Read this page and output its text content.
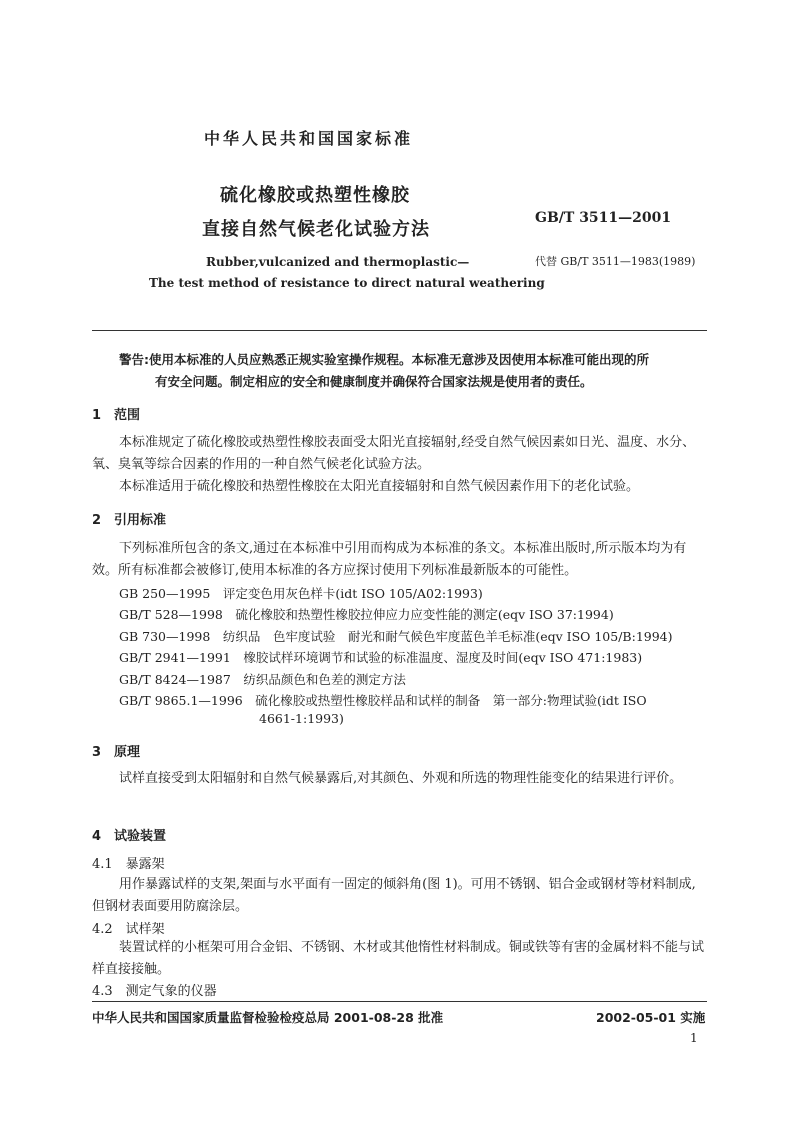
中华人民共和国国家标准
硫化橡胶或热塑性橡胶
直接自然气候老化试验方法
GB/T 3511—2001
代替 GB/T 3511—1983(1989)
Rubber,vulcanized and thermoplastic—
The test method of resistance to direct natural weathering
警告:使用本标准的人员应熟悉正规实验室操作规程。本标准无意涉及因使用本标准可能出现的所
有安全问题。制定相应的安全和健康制度并确保符合国家法规是使用者的责任。
1　范围
本标准规定了硫化橡胶或热塑性橡胶表面受太阳光直接辐射,经受自然气候因素如日光、温度、水分、氧、臭氧等综合因素的作用的一种自然气候老化试验方法。
本标准适用于硫化橡胶和热塑性橡胶在太阳光直接辐射和自然气候因素作用下的老化试验。
2　引用标准
下列标准所包含的条文,通过在本标准中引用而构成为本标准的条文。本标准出版时,所示版本均为有效。所有标准都会被修订,使用本标准的各方应探讨使用下列标准最新版本的可能性。
GB 250—1995　评定变色用灰色样卡(idt ISO 105/A02:1993)
GB/T 528—1998　硫化橡胶和热塑性橡胶拉伸应力应变性能的测定(eqv ISO 37:1994)
GB 730—1998　纺织品　色牢度试验　耐光和耐气候色牢度蓝色羊毛标准(eqv ISO 105/B:1994)
GB/T 2941—1991　橡胶试样环境调节和试验的标准温度、湿度及时间(eqv ISO 471:1983)
GB/T 8424—1987　纺织品颜色和色差的测定方法
GB/T 9865.1—1996　硫化橡胶或热塑性橡胶样品和试样的制备　第一部分:物理试验(idt ISO
4661-1:1993)
3　原理
试样直接受到太阳辐射和自然气候暴露后,对其颜色、外观和所选的物理性能变化的结果进行评价。
4　试验装置
4.1　暴露架
用作暴露试样的支架,架面与水平面有一固定的倾斜角(图 1)。可用不锈钢、铝合金或钢材等材料制成,但钢材表面要用防腐涂层。
4.2　试样架
装置试样的小框架可用合金铝、不锈钢、木材或其他惰性材料制成。铜或铁等有害的金属材料不能与试样直接接触。
4.3　测定气象的仪器
中华人民共和国国家质量监督检验检疫总局 2001-08-28 批准	2002-05-01 实施
1
